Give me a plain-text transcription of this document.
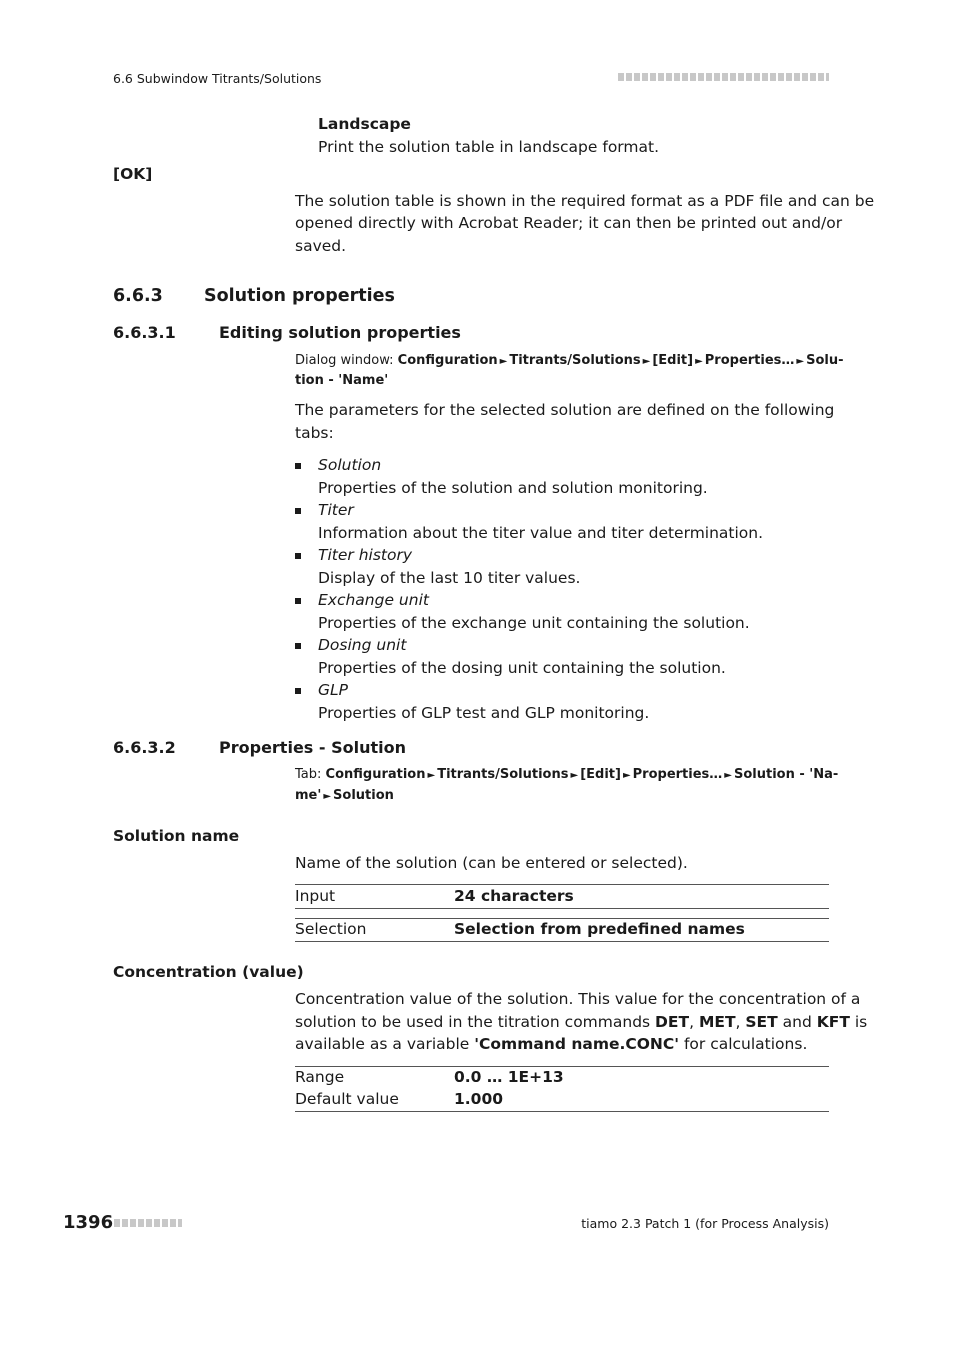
6.6 Subwindow Titrants/Solutions
Landscape
Print the solution table in landscape format.
[OK]
The solution table is shown in the required format as a PDF file and can be
opened directly with Acrobat Reader; it can then be printed out and/or
saved.
6.6.3 Solution properties
6.6.3.1	Editing solution properties
Dialog window: Configuration ► Titrants/Solutions ► [Edit] ► Properties… ► Solu-
tion - 'Name'
The parameters for the selected solution are defined on the following
tabs:
Solution
Properties of the solution and solution monitoring.
Titer
Information about the titer value and titer determination.
Titer history
Display of the last 10 titer values.
Exchange unit
Properties of the exchange unit containing the solution.
Dosing unit
Properties of the dosing unit containing the solution.
GLP
Properties of GLP test and GLP monitoring.
6.6.3.2	Properties - Solution
Tab: Configuration ► Titrants/Solutions ► [Edit] ► Properties… ► Solution - 'Na-
me' ► Solution
Solution name
Name of the solution (can be entered or selected).
Input	24 characters
Selection	Selection from predefined names
Concentration (value)
Concentration value of the solution. This value for the concentration of a
solution to be used in the titration commands DET, MET, SET and KFT is
available as a variable 'Command name.CONC' for calculations.
Range	0.0 … 1E+13
Default value	1.000
1396	tiamo 2.3 Patch 1 (for Process Analysis)
